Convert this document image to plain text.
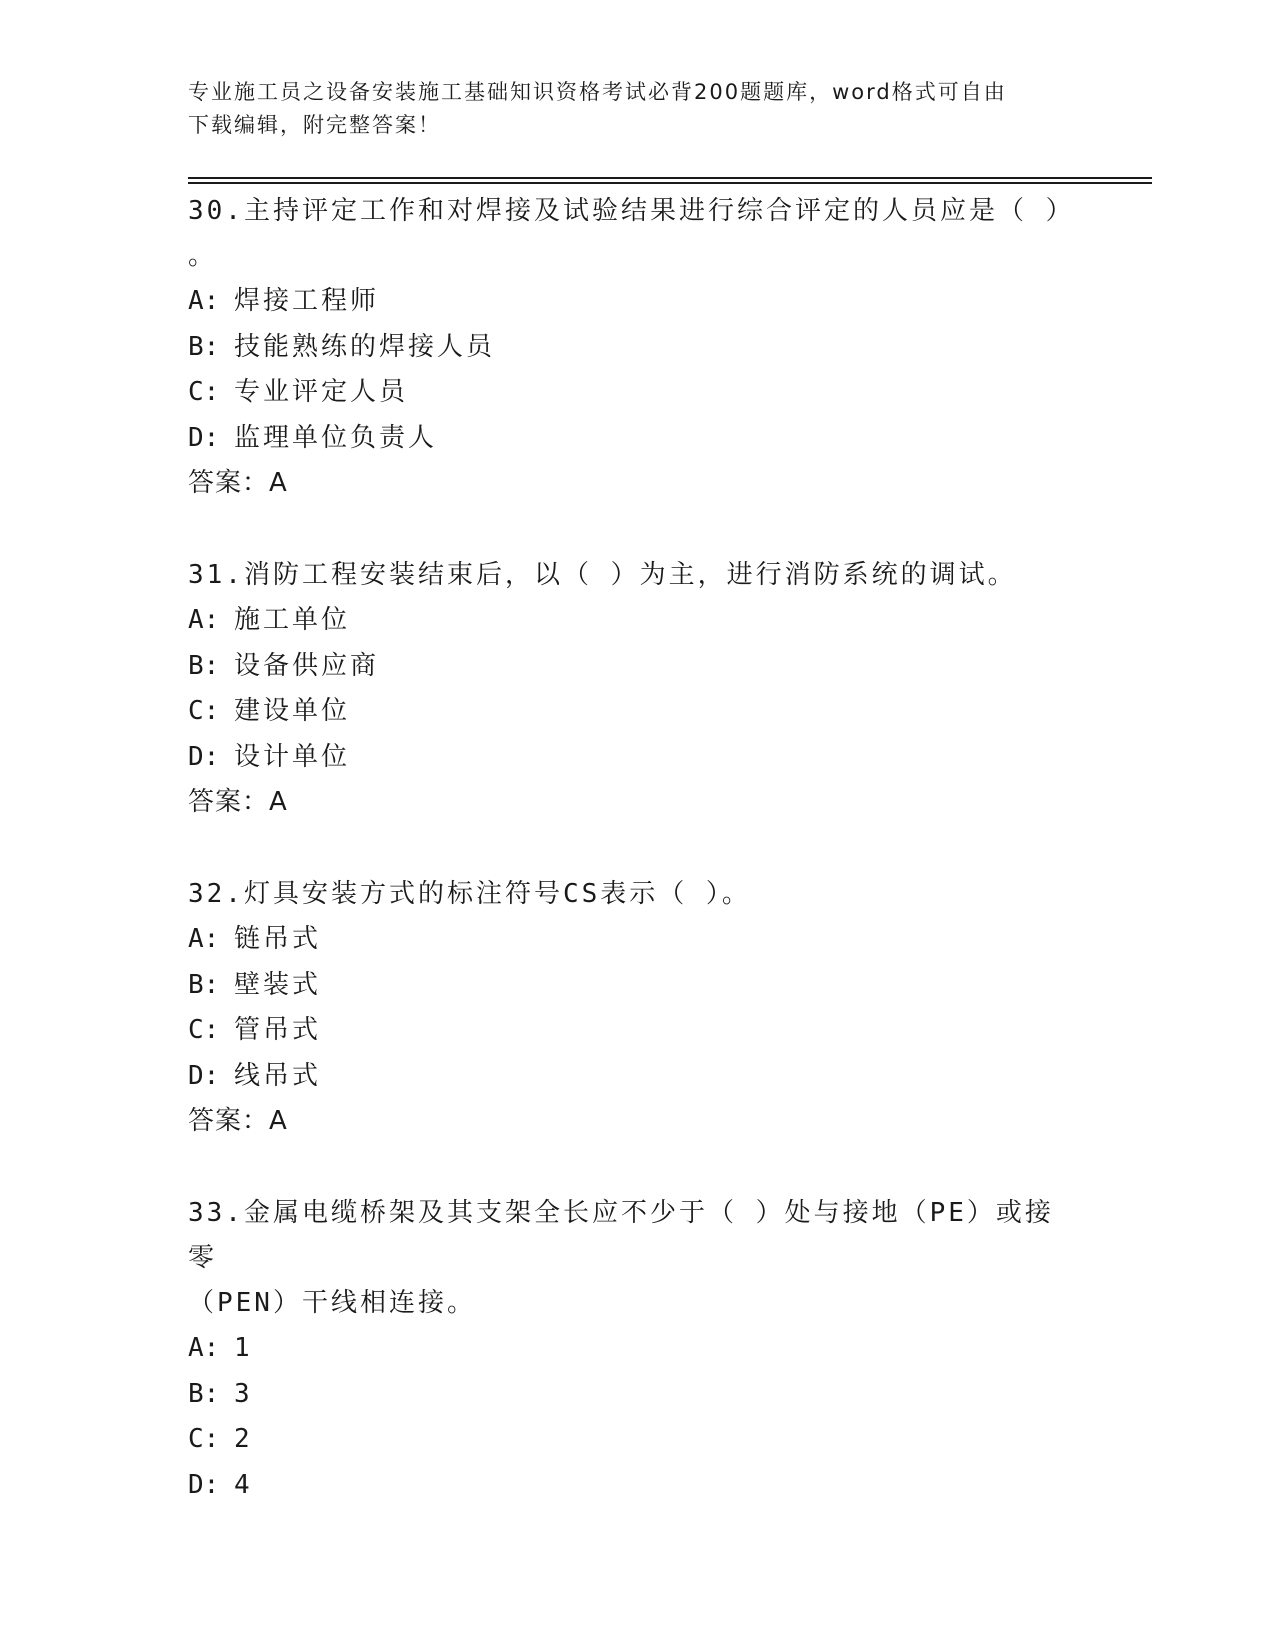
专业施工员之设备安装施工基础知识资格考试必背200题题库，word格式可自由
下载编辑，附完整答案！

30.主持评定工作和对焊接及试验结果进行综合评定的人员应是（ ）

。

A: 焊接工程师

B: 技能熟练的焊接人员

C: 专业评定人员

D: 监理单位负责人

答案：A

31.消防工程安装结束后，以（ ）为主，进行消防系统的调试。

A: 施工单位

B: 设备供应商

C: 建设单位

D: 设计单位

答案：A

32.灯具安装方式的标注符号CS表示（ ）。

A: 链吊式

B: 壁装式

C: 管吊式

D: 线吊式

答案：A

33.金属电缆桥架及其支架全长应不少于（ ）处与接地（PE）或接零

（PEN）干线相连接。

A: 1

B: 3

C: 2

D: 4
